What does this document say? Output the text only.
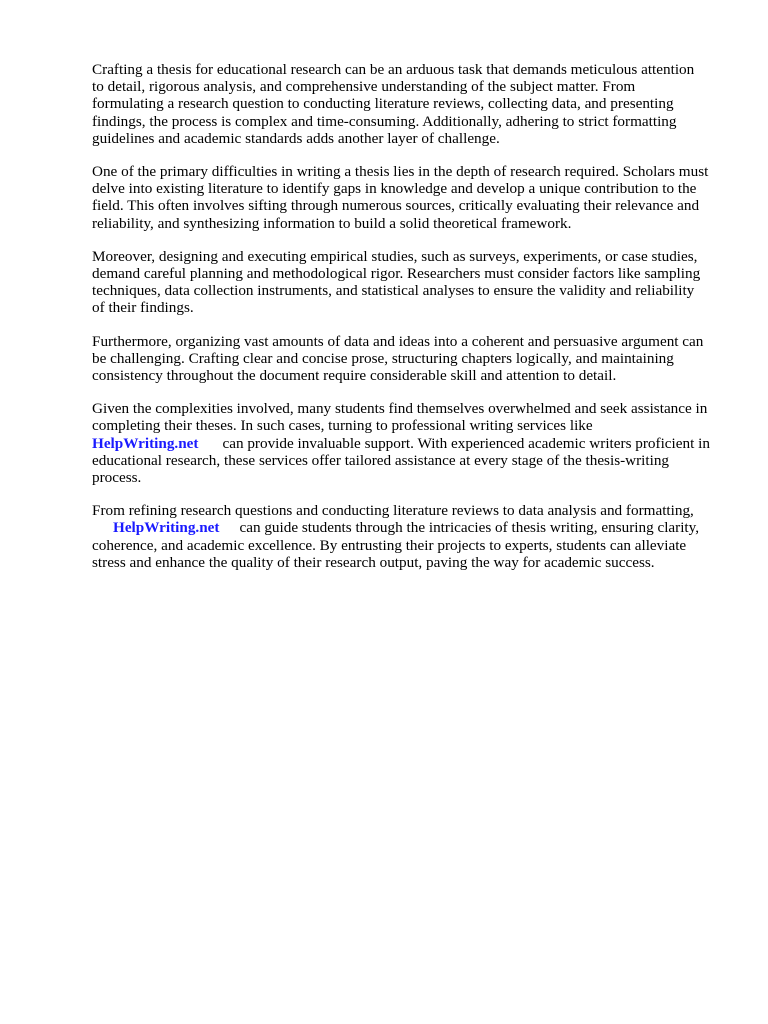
Crafting a thesis for educational research can be an arduous task that demands meticulous attention
to detail, rigorous analysis, and comprehensive understanding of the subject matter. From
formulating a research question to conducting literature reviews, collecting data, and presenting
findings, the process is complex and time-consuming. Additionally, adhering to strict formatting
guidelines and academic standards adds another layer of challenge.

One of the primary difficulties in writing a thesis lies in the depth of research required. Scholars must
delve into existing literature to identify gaps in knowledge and develop a unique contribution to the
field. This often involves sifting through numerous sources, critically evaluating their relevance and
reliability, and synthesizing information to build a solid theoretical framework.

Moreover, designing and executing empirical studies, such as surveys, experiments, or case studies,
demand careful planning and methodological rigor. Researchers must consider factors like sampling
techniques, data collection instruments, and statistical analyses to ensure the validity and reliability
of their findings.

Furthermore, organizing vast amounts of data and ideas into a coherent and persuasive argument can
be challenging. Crafting clear and concise prose, structuring chapters logically, and maintaining
consistency throughout the document require considerable skill and attention to detail.

Given the complexities involved, many students find themselves overwhelmed and seek assistance in
completing their theses. In such cases, turning to professional writing services like
HelpWriting.net can provide invaluable support. With experienced academic writers proficient in
educational research, these services offer tailored assistance at every stage of the thesis-writing
process.

From refining research questions and conducting literature reviews to data analysis and formatting,
HelpWriting.net can guide students through the intricacies of thesis writing, ensuring clarity,
coherence, and academic excellence. By entrusting their projects to experts, students can alleviate
stress and enhance the quality of their research output, paving the way for academic success.
